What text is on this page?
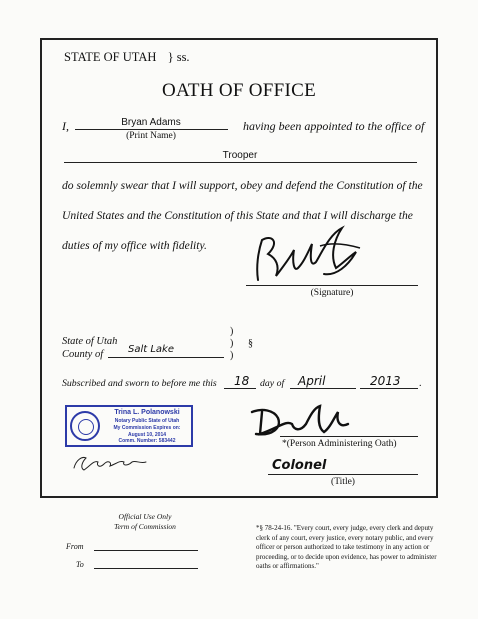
STATE OF UTAH } ss.
OATH OF OFFICE
I,	Bryan Adams
(Print Name)
having been appointed to the office of
Trooper
do solemnly swear that I will support, obey and defend the Constitution of the
United States and the Constitution of this State and that I will discharge the
duties of my office with fidelity.
(Signature)
State of Utah
County of Salt Lake
)
)
)
§
Subscribed and sworn to before me this 18 day of April	2013 .
Trina L. Polanowski
Notary Public State of Utah
My Commission Expires on:
August 10, 2014
Comm. Number: 583442	*(Person Administering Oath)
Colonel
(Title)
Official Use Only
Term of Commission
From
To
*§ 78-24-16. "Every court, every judge, every clerk and deputy clerk of any court, every justice, every notary public, and every officer or person authorized to take testimony in any action or proceeding, or to decide upon evidence, has power to administer oaths or affirmations."
